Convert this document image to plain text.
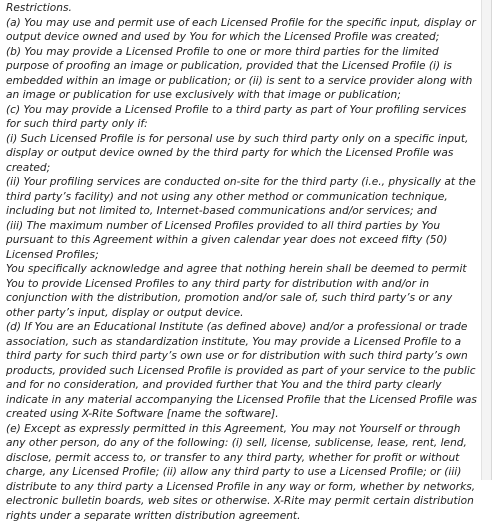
Restrictions.

(a) You may use and permit use of each Licensed Profile for the specific input, display or output device owned and used by You for which the Licensed Profile was created;

(b) You may provide a Licensed Profile to one or more third parties for the limited purpose of proofing an image or publication, provided that the Licensed Profile (i) is embedded within an image or publication; or (ii) is sent to a service provider along with an image or publication for use exclusively with that image or publication;

(c) You may provide a Licensed Profile to a third party as part of Your profiling services for such third party only if:

(i) Such Licensed Profile is for personal use by such third party only on a specific input, display or output device owned by the third party for which the Licensed Profile was created;

(ii) Your profiling services are conducted on-site for the third party (i.e., physically at the third party’s facility) and not using any other method or communication technique, including but not limited to, Internet-based communications and/or services; and

(iii) The maximum number of Licensed Profiles provided to all third parties by You pursuant to this Agreement within a given calendar year does not exceed fifty (50) Licensed Profiles;

You specifically acknowledge and agree that nothing herein shall be deemed to permit You to provide Licensed Profiles to any third party for distribution with and/or in conjunction with the distribution, promotion and/or sale of, such third party’s or any other party’s input, display or output device.

(d) If You are an Educational Institute (as defined above) and/or a professional or trade association, such as standardization institute, You may provide a Licensed Profile to a third party for such third party’s own use or for distribution with such third party’s own products, provided such Licensed Profile is provided as part of your service to the public and for no consideration, and provided further that You and the third party clearly indicate in any material accompanying the Licensed Profile that the Licensed Profile was created using X-Rite Software [name the software].

(e) Except as expressly permitted in this Agreement, You may not Yourself or through any other person, do any of the following: (i) sell, license, sublicense, lease, rent, lend, disclose, permit access to, or transfer to any third party, whether for profit or without charge, any Licensed Profile; (ii) allow any third party to use a Licensed Profile; or (iii) distribute to any third party a Licensed Profile in any way or form, whether by networks, electronic bulletin boards, web sites or otherwise. X-Rite may permit certain distribution rights under a separate written distribution agreement.
